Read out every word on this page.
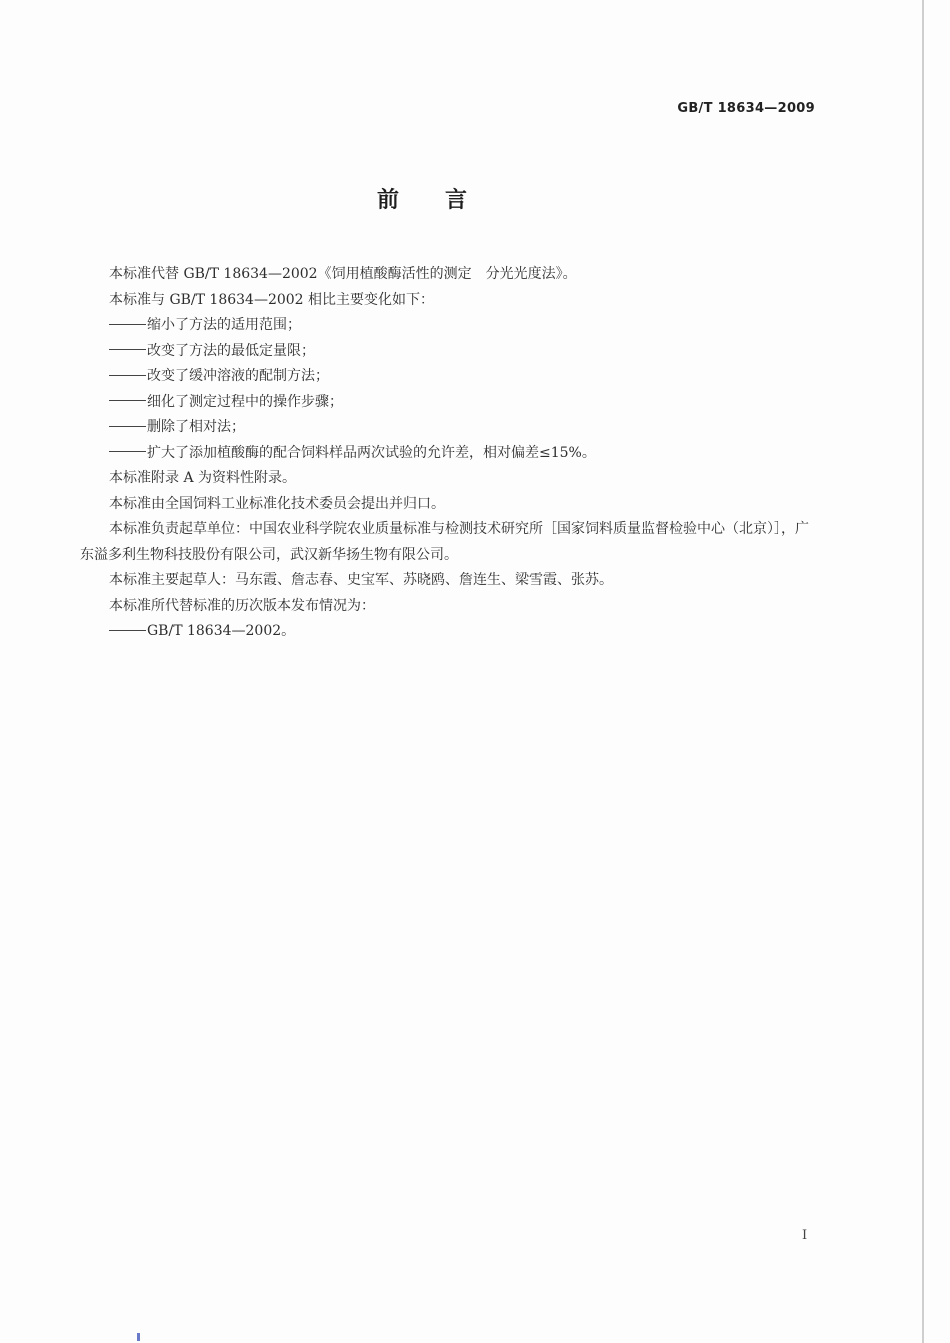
GB/T 18634—2009
前言

本标准代替 GB/T 18634—2002《饲用植酸酶活性的测定　分光光度法》。

本标准与 GB/T 18634—2002 相比主要变化如下：

缩小了方法的适用范围；

改变了方法的最低定量限；

改变了缓冲溶液的配制方法；

细化了测定过程中的操作步骤；

删除了相对法；

扩大了添加植酸酶的配合饲料样品两次试验的允许差，相对偏差≤15%。

本标准附录 A 为资料性附录。

本标准由全国饲料工业标准化技术委员会提出并归口。

本标准负责起草单位：中国农业科学院农业质量标准与检测技术研究所［国家饲料质量监督检验中心（北京）］，广东溢多利生物科技股份有限公司，武汉新华扬生物有限公司。

本标准主要起草人：马东霞、詹志春、史宝军、苏晓鸥、詹连生、梁雪霞、张苏。

本标准所代替标准的历次版本发布情况为：

GB/T 18634—2002。

I
